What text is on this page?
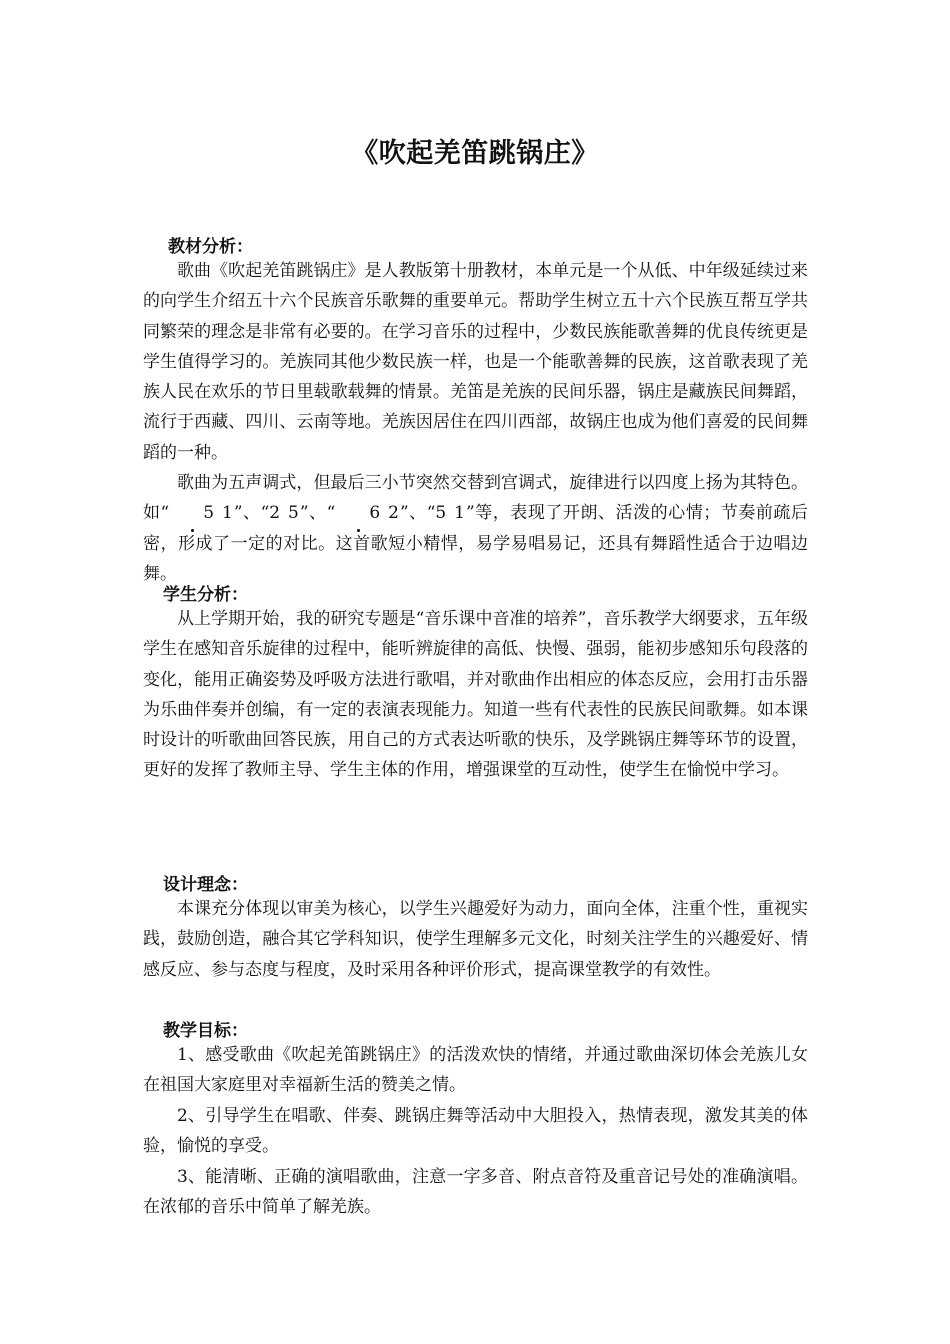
《吹起羌笛跳锅庄》
教材分析：

歌曲《吹起羌笛跳锅庄》是人教版第十册教材，本单元是一个从低、中年级延续过来的向学生介绍五十六个民族音乐歌舞的重要单元。帮助学生树立五十六个民族互帮互学共同繁荣的理念是非常有必要的。在学习音乐的过程中，少数民族能歌善舞的优良传统更是学生值得学习的。羌族同其他少数民族一样，也是一个能歌善舞的民族，这首歌表现了羌族人民在欢乐的节日里载歌载舞的情景。羌笛是羌族的民间乐器，锅庄是藏族民间舞蹈，流行于西藏、四川、云南等地。羌族因居住在四川西部，故锅庄也成为他们喜爱的民间舞蹈的一种。

歌曲为五声调式，但最后三小节突然交替到宫调式，旋律进行以四度上扬为其特色。如“ 5 1”、“2 5”、“ 6 2”、“5 1”等，表现了开朗、活泼的心情；节奏前疏后密，形成了一定的对比。这首歌短小精悍，易学易唱易记，还具有舞蹈性适合于边唱边舞。

学生分析：

从上学期开始，我的研究专题是“音乐课中音准的培养”，音乐教学大纲要求，五年级学生在感知音乐旋律的过程中，能听辨旋律的高低、快慢、强弱，能初步感知乐句段落的变化，能用正确姿势及呼吸方法进行歌唱，并对歌曲作出相应的体态反应，会用打击乐器为乐曲伴奏并创编，有一定的表演表现能力。知道一些有代表性的民族民间歌舞。如本课时设计的听歌曲回答民族，用自己的方式表达听歌的快乐，及学跳锅庄舞等环节的设置，更好的发挥了教师主导、学生主体的作用，增强课堂的互动性，使学生在愉悦中学习。

设计理念：

本课充分体现以审美为核心，以学生兴趣爱好为动力，面向全体，注重个性，重视实践，鼓励创造，融合其它学科知识，使学生理解多元文化，时刻关注学生的兴趣爱好、情感反应、参与态度与程度，及时采用各种评价形式，提高课堂教学的有效性。

教学目标：

1、感受歌曲《吹起羌笛跳锅庄》的活泼欢快的情绪，并通过歌曲深切体会羌族儿女在祖国大家庭里对幸福新生活的赞美之情。

2、引导学生在唱歌、伴奏、跳锅庄舞等活动中大胆投入，热情表现，激发其美的体验，愉悦的享受。

3、能清晰、正确的演唱歌曲，注意一字多音、附点音符及重音记号处的准确演唱。在浓郁的音乐中简单了解羌族。
